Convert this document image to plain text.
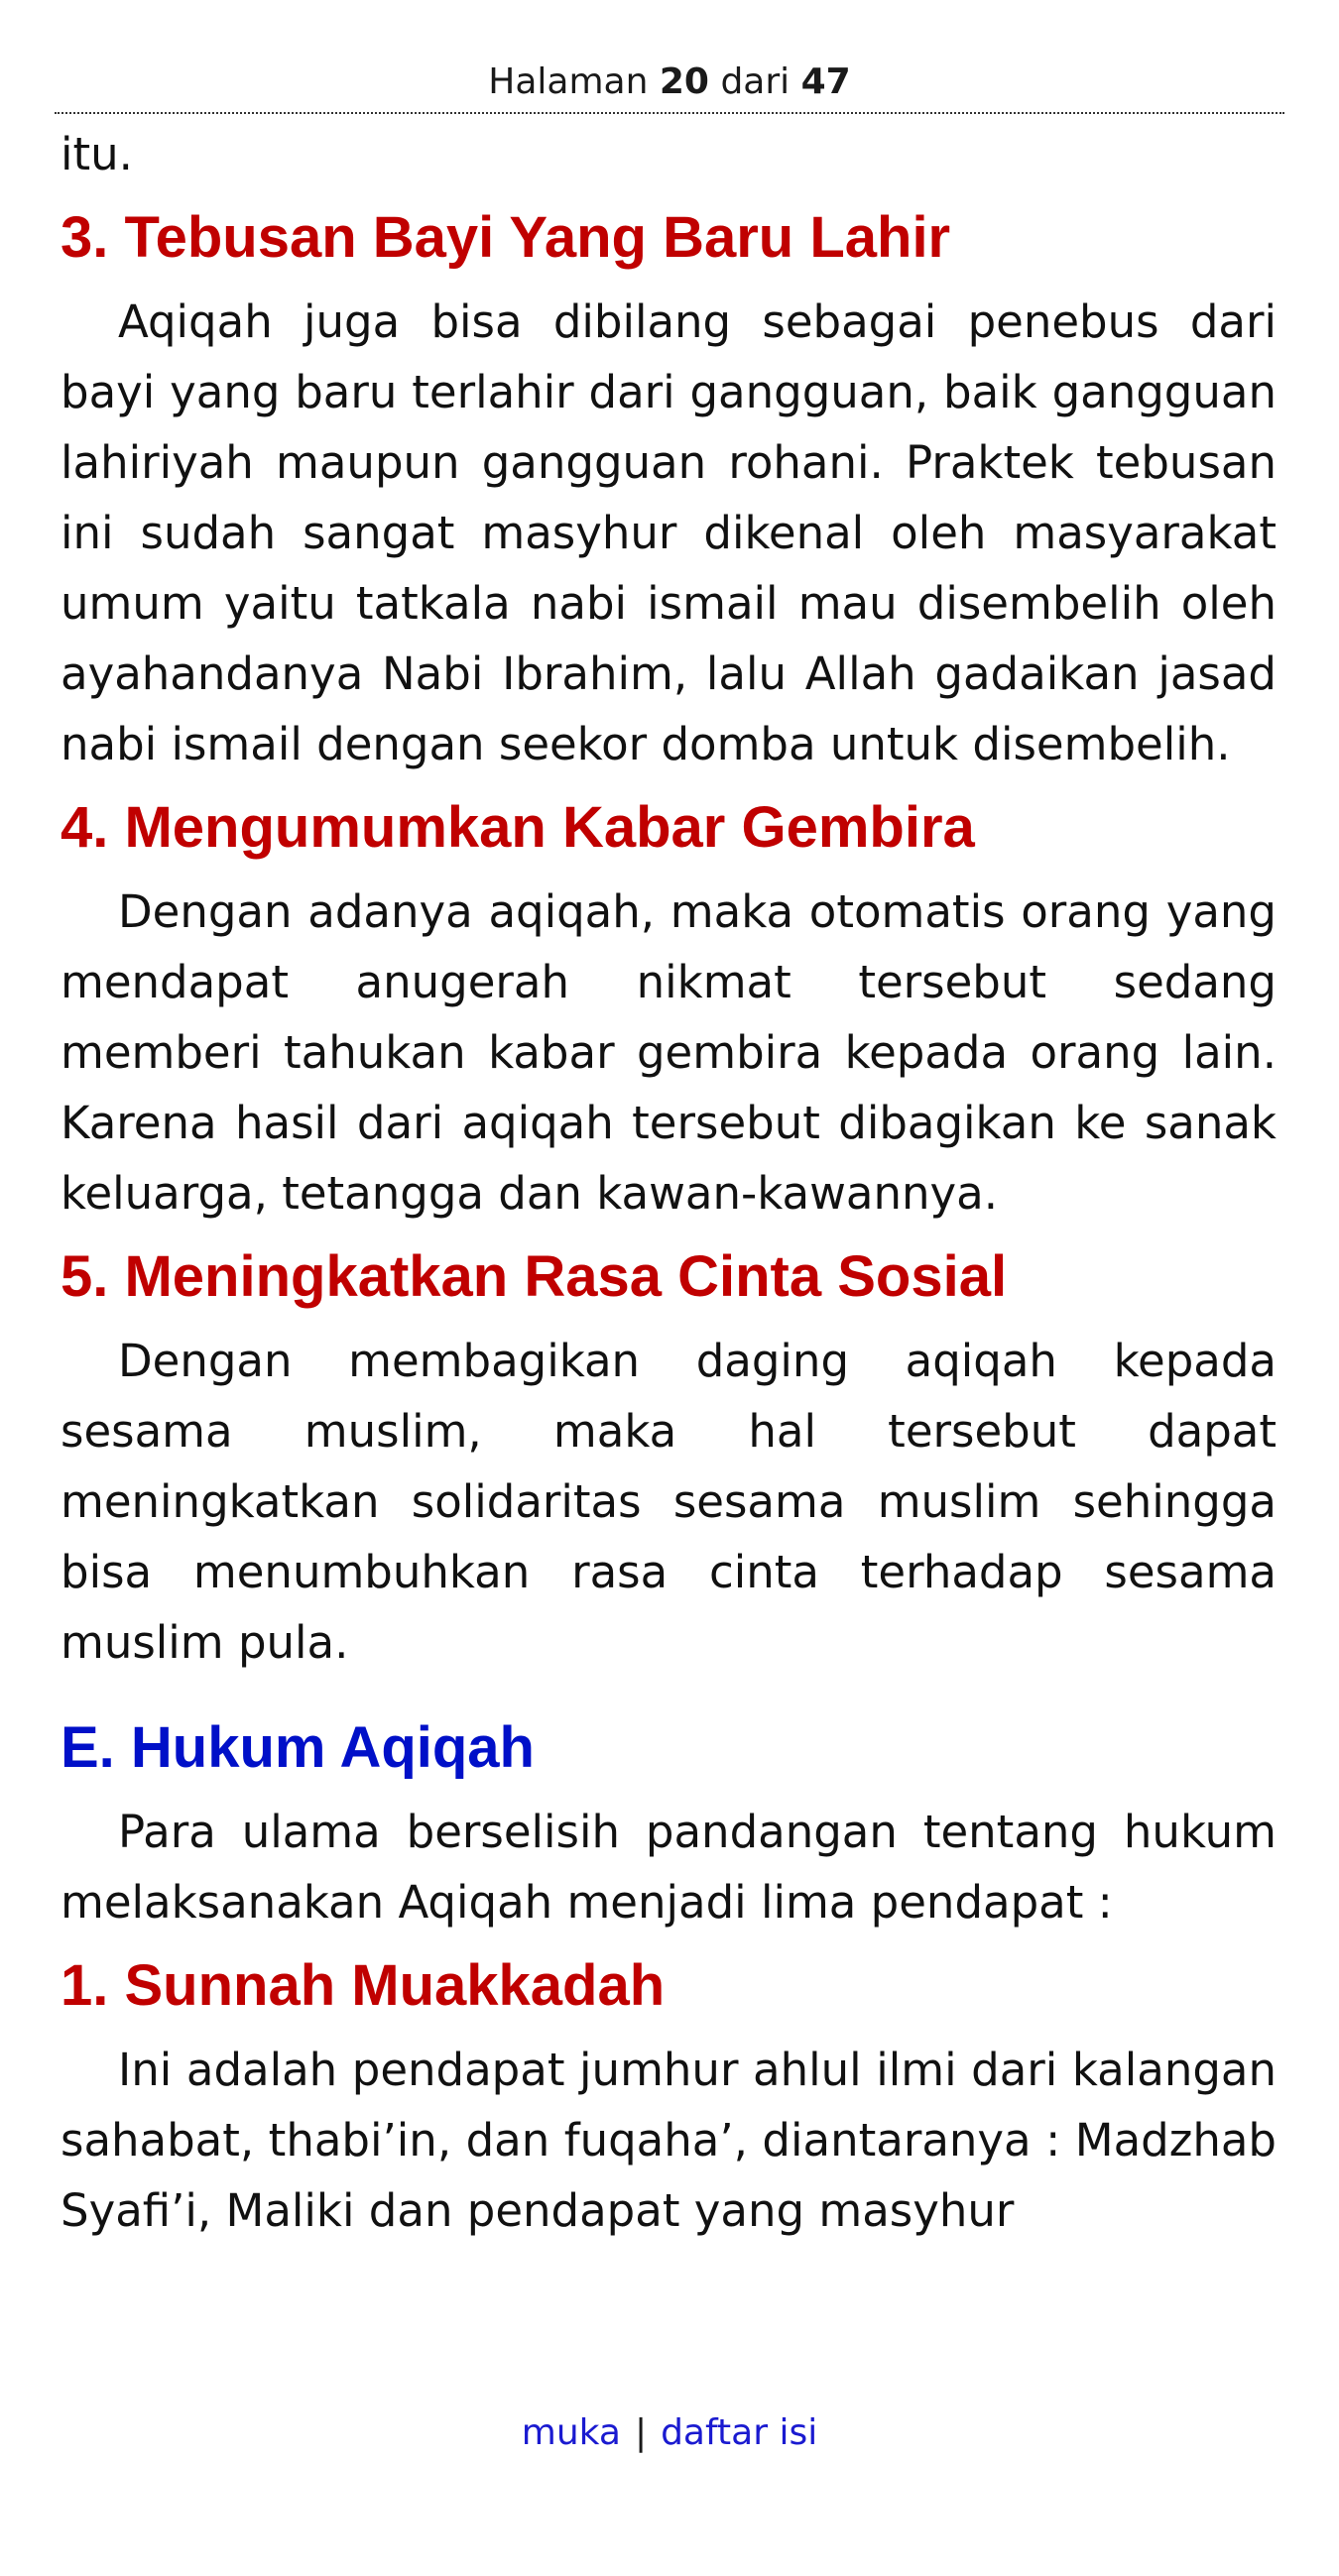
Halaman 20 dari 47

itu.

3. Tebusan Bayi Yang Baru Lahir

Aqiqah juga bisa dibilang sebagai penebus dari bayi yang baru terlahir dari gangguan, baik gangguan lahiriyah maupun gangguan rohani. Praktek tebusan ini sudah sangat masyhur dikenal oleh masyarakat umum yaitu tatkala nabi ismail mau disembelih oleh ayahandanya Nabi Ibrahim, lalu Allah gadaikan jasad nabi ismail dengan seekor domba untuk disembelih.

4. Mengumumkan Kabar Gembira

Dengan adanya aqiqah, maka otomatis orang yang mendapat anugerah nikmat tersebut sedang memberi tahukan kabar gembira kepada orang lain. Karena hasil dari aqiqah tersebut dibagikan ke sanak keluarga, tetangga dan kawan-kawannya.

5. Meningkatkan Rasa Cinta Sosial

Dengan membagikan daging aqiqah kepada sesama muslim, maka hal tersebut dapat meningkatkan solidaritas sesama muslim sehingga bisa menumbuhkan rasa cinta terhadap sesama muslim pula.

E. Hukum Aqiqah

Para ulama berselisih pandangan tentang hukum melaksanakan Aqiqah menjadi lima pendapat :

1. Sunnah Muakkadah

Ini adalah pendapat jumhur ahlul ilmi dari kalangan sahabat, thabi’in, dan fuqaha’, diantaranya : Madzhab Syafi’i, Maliki dan pendapat yang masyhur

muka | daftar isi
